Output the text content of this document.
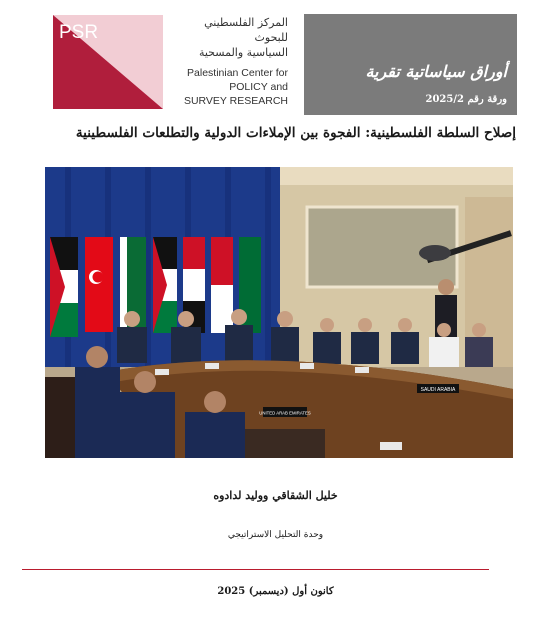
PSR	المركز الفلسطيني
للبحوث
السياسية والمسحية
Palestinian Center for
POLICY and
SURVEY RESEARCH
أوراق سياساتية تقرية
ورقة رقم 2025/2
إصلاح السلطة الفلسطينية: الفجوة بين الإملاءات الدولية والتطلعات الفلسطينية
SAUDI ARABIA
UNITED ARAB EMIRATES
خليل الشقاقي ووليد لدادوه
وحدة التحليل الاستراتيجي
كانون أول (ديسمبر) 2025
